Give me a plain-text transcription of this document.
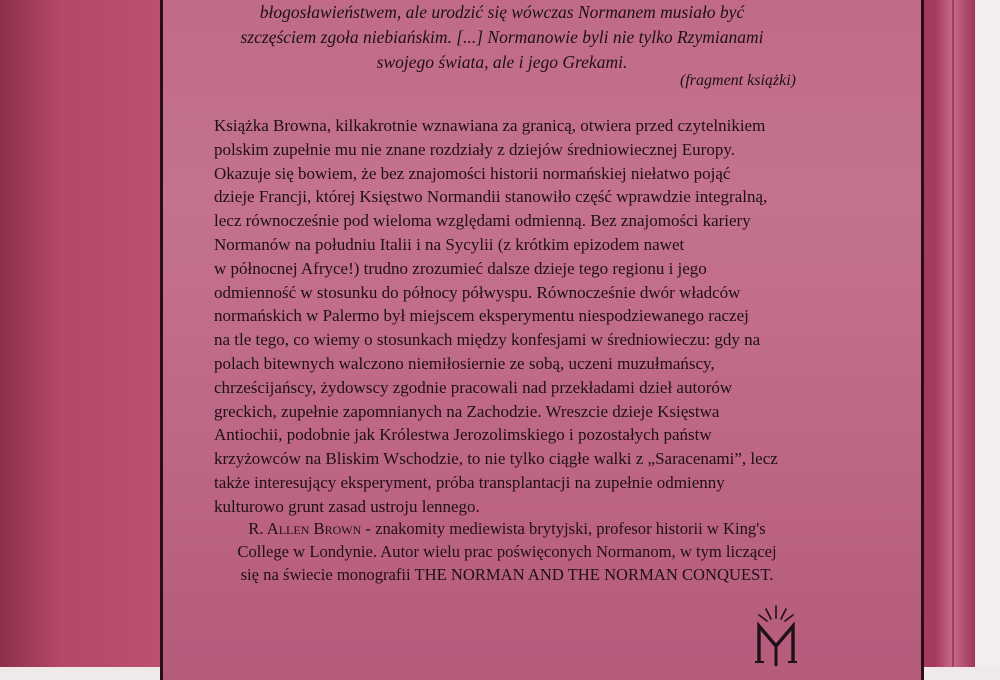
błogosławieństwem, ale urodzić się wówczas Normanem musiało być
szczęściem zgoła niebiańskim. [...] Normanowie byli nie tylko Rzymianami
swojego świata, ale i jego Grekami.
(fragment książki)
Książka Browna, kilkakrotnie wznawiana za granicą, otwiera przed czytelnikiem
polskim zupełnie mu nie znane rozdziały z dziejów średniowiecznej Europy.
Okazuje się bowiem, że bez znajomości historii normańskiej niełatwo pojąć
dzieje Francji, której Księstwo Normandii stanowiło część wprawdzie integralną,
lecz równocześnie pod wieloma względami odmienną. Bez znajomości kariery
Normanów na południu Italii i na Sycylii (z krótkim epizodem nawet
w północnej Afryce!) trudno zrozumieć dalsze dzieje tego regionu i jego
odmienność w stosunku do północy półwyspu. Równocześnie dwór władców
normańskich w Palermo był miejscem eksperymentu niespodziewanego raczej
na tle tego, co wiemy o stosunkach między konfesjami w średniowieczu: gdy na
polach bitewnych walczono niemiłosiernie ze sobą, uczeni muzułmańscy,
chrześcijańscy, żydowscy zgodnie pracowali nad przekładami dzieł autorów
greckich, zupełnie zapomnianych na Zachodzie. Wreszcie dzieje Księstwa
Antiochii, podobnie jak Królestwa Jerozolimskiego i pozostałych państw
krzyżowców na Bliskim Wschodzie, to nie tylko ciągłe walki z „Saracenami”, lecz
także interesujący eksperyment, próba transplantacji na zupełnie odmienny
kulturowo grunt zasad ustroju lennego.
R. Allen Brown - znakomity mediewista brytyjski, profesor historii w King's
College w Londynie. Autor wielu prac poświęconych Normanom, w tym liczącej
się na świecie monografii THE NORMAN AND THE NORMAN CONQUEST.
